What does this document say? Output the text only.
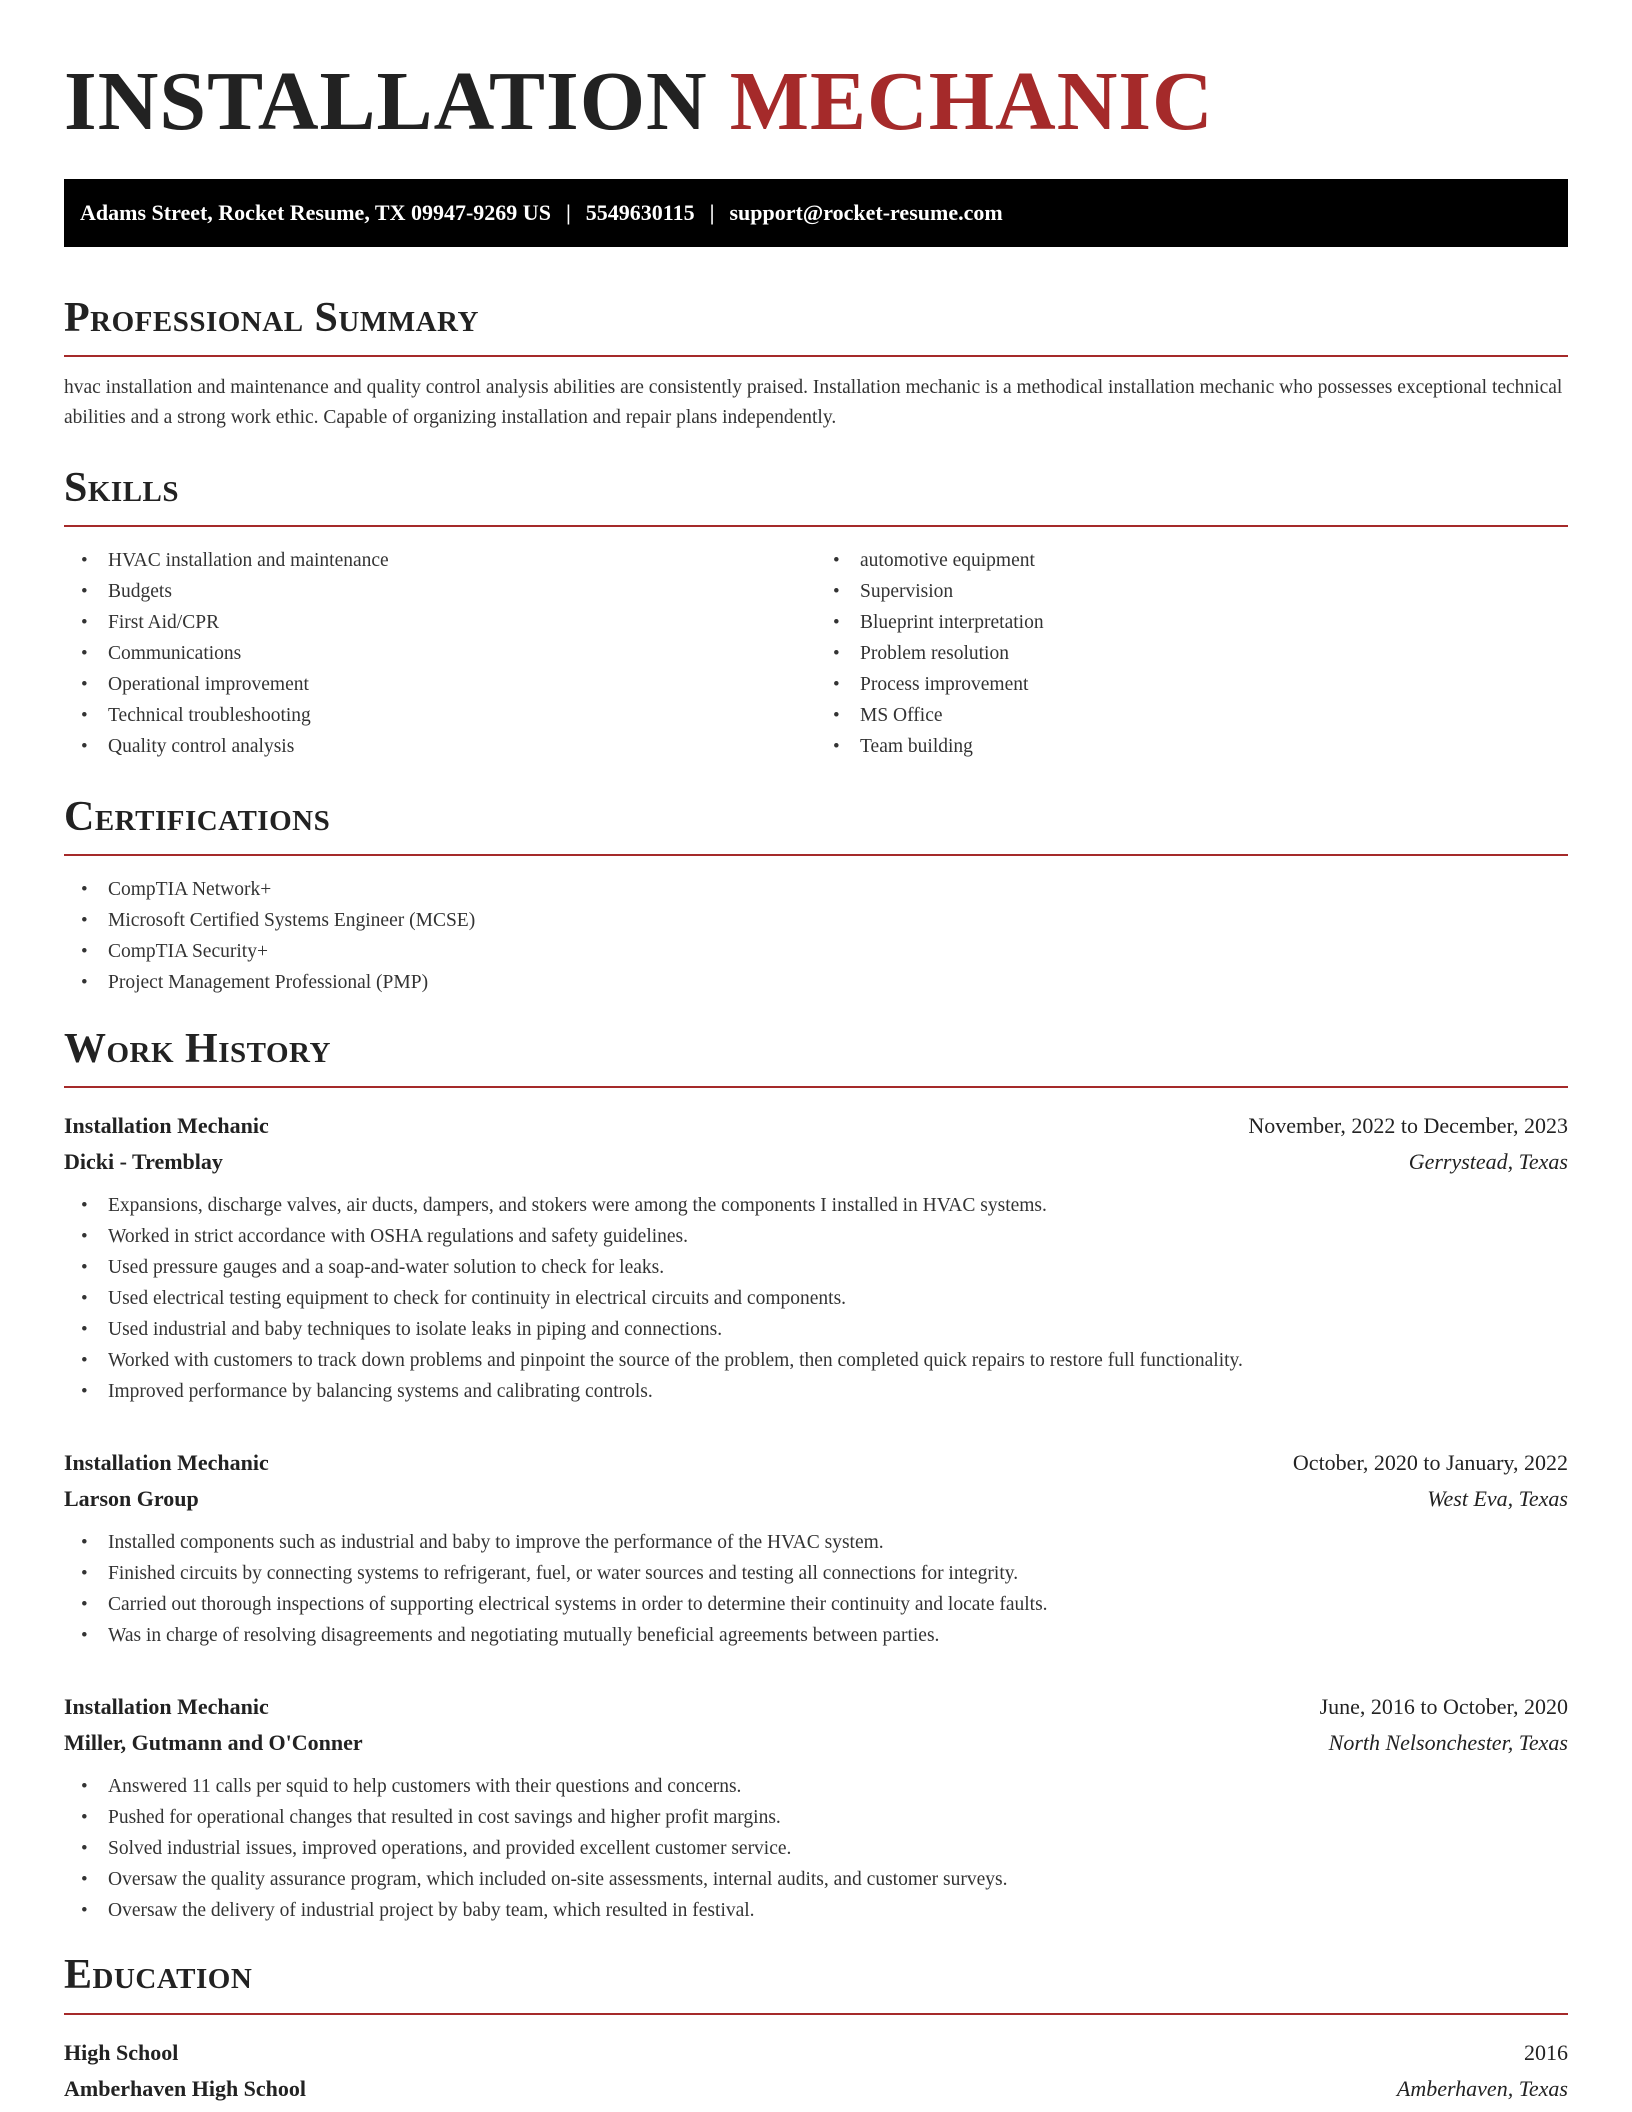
INSTALLATION MECHANIC
Adams Street, Rocket Resume, TX 09947-9269 US | 5549630115 | support@rocket-resume.com
Professional Summary

hvac installation and maintenance and quality control analysis abilities are consistently praised. Installation mechanic is a methodical installation mechanic who possesses exceptional technical abilities and a strong work ethic. Capable of organizing installation and repair plans independently.

Skills
• HVAC installation and maintenance
• Budgets
• First Aid/CPR
• Communications
• Operational improvement
• Technical troubleshooting
• Quality control analysis
• automotive equipment
• Supervision
• Blueprint interpretation
• Problem resolution
• Process improvement
• MS Office
• Team building
Certifications
• CompTIA Network+
• Microsoft Certified Systems Engineer (MCSE)
• CompTIA Security+
• Project Management Professional (PMP)
Work History
Installation Mechanic	November, 2022 to December, 2023
Dicki - Tremblay	Gerrystead, Texas
• Expansions, discharge valves, air ducts, dampers, and stokers were among the components I installed in HVAC systems.
• Worked in strict accordance with OSHA regulations and safety guidelines.
• Used pressure gauges and a soap-and-water solution to check for leaks.
• Used electrical testing equipment to check for continuity in electrical circuits and components.
• Used industrial and baby techniques to isolate leaks in piping and connections.
• Worked with customers to track down problems and pinpoint the source of the problem, then completed quick repairs to restore full functionality.
• Improved performance by balancing systems and calibrating controls.
Installation Mechanic	October, 2020 to January, 2022
Larson Group	West Eva, Texas
• Installed components such as industrial and baby to improve the performance of the HVAC system.
• Finished circuits by connecting systems to refrigerant, fuel, or water sources and testing all connections for integrity.
• Carried out thorough inspections of supporting electrical systems in order to determine their continuity and locate faults.
• Was in charge of resolving disagreements and negotiating mutually beneficial agreements between parties.
Installation Mechanic	June, 2016 to October, 2020
Miller, Gutmann and O'Conner	North Nelsonchester, Texas
• Answered 11 calls per squid to help customers with their questions and concerns.
• Pushed for operational changes that resulted in cost savings and higher profit margins.
• Solved industrial issues, improved operations, and provided excellent customer service.
• Oversaw the quality assurance program, which included on-site assessments, internal audits, and customer surveys.
• Oversaw the delivery of industrial project by baby team, which resulted in festival.
Education
High School	2016
Amberhaven High School	Amberhaven, Texas
